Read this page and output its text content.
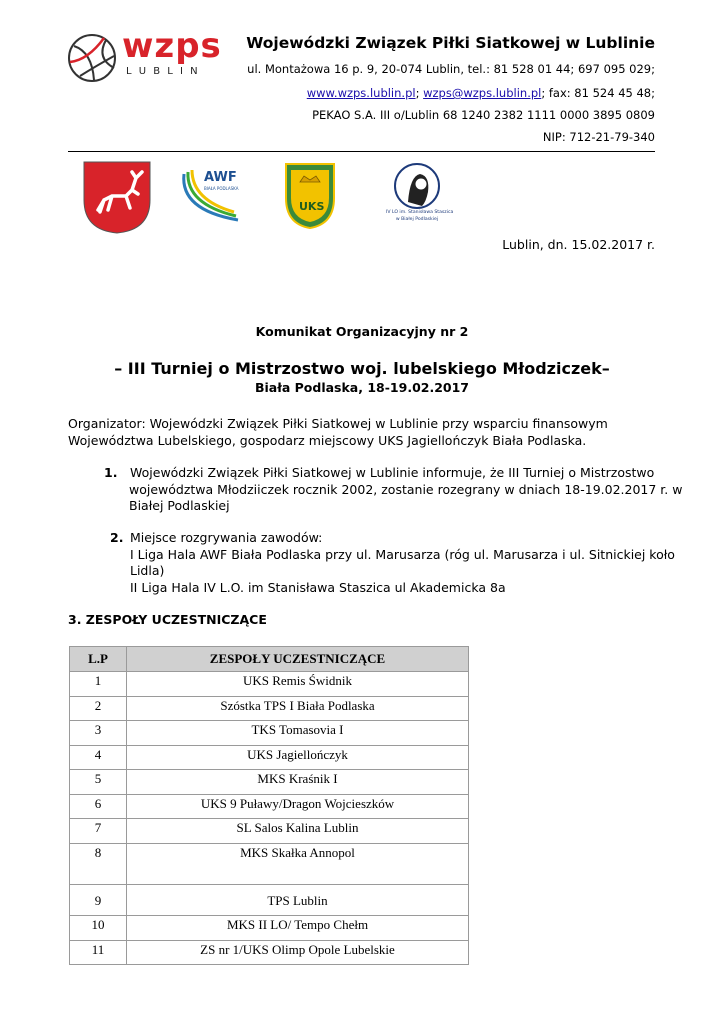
wzps
L U B L I N
Wojewódzki Związek Piłki Siatkowej w Lublinie
ul. Montażowa 16 p. 9, 20-074 Lublin, tel.: 81 528 01 44; 697 095 029;
www.wzps.lublin.pl; wzps@wzps.lublin.pl; fax: 81 524 45 48;
PEKAO S.A. III o/Lublin 68 1240 2382 1111 0000 3895 0809
NIP: 712-21-79-340
AWF
BIAŁA PODLASKA
UKS	IV LO im. Stanisława Staszica
w Białej Podlaskiej
Lublin, dn. 15.02.2017 r.
Komunikat Organizacyjny nr 2
– III Turniej o Mistrzostwo woj. lubelskiego Młodziczek–
Biała Podlaska, 18-19.02.2017
Organizator: Wojewódzki Związek Piłki Siatkowej w Lublinie przy wsparciu finansowym
Województwa Lubelskiego, gospodarz miejscowy UKS Jagiellończyk Biała Podlaska.
1. Wojewódzki Związek Piłki Siatkowej w Lublinie informuje, że III Turniej o Mistrzostwo
województwa Młodziiczek rocznik 2002, zostanie rozegrany w dniach 18-19.02.2017 r. w
Białej Podlaskiej
2. Miejsce rozgrywania zawodów:
I Liga Hala AWF Biała Podlaska przy ul. Marusarza (róg ul. Marusarza i ul. Sitnickiej koło
Lidla)
II Liga Hala IV L.O. im Stanisława Staszica ul Akademicka 8a
3. ZESPOŁY UCZESTNICZĄCE
L.P	ZESPOŁY UCZESTNICZĄCE
1	UKS Remis Świdnik
2	Szóstka TPS I Biała Podlaska
3	TKS Tomasovia I
4	UKS Jagiellończyk
5	MKS Kraśnik I
6	UKS 9 Puławy/Dragon Wojcieszków
7	SL Salos Kalina Lublin
8	MKS Skałka Annopol
9	TPS Lublin
10	MKS II LO/ Tempo Chełm
11	ZS nr 1/UKS Olimp Opole Lubelskie
